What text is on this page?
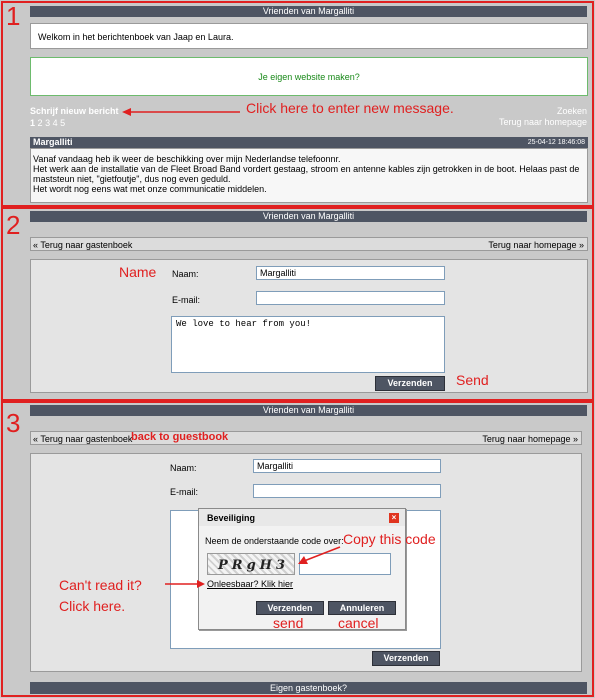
1	Vrienden van Margalliti
Welkom in het berichtenboek van Jaap en Laura.
Je eigen website maken?
Schrijf nieuw bericht
1 2 3 4 5
Zoeken
Terug naar homepage
Click here to enter new message.
Margalliti	25-04-12 18:46:08
Vanaf vandaag heb ik weer de beschikking over mijn Nederlandse telefoonnr.
Het werk aan de installatie van de Fleet Broad Band vordert gestaag, stroom en antenne kables zijn getrokken in de boot. Helaas past de maststeun niet, "gietfoutje", dus nog even geduld.
Het wordt nog eens wat met onze communicatie middelen.
2	Vrienden van Margalliti
« Terug naar gastenboek	Terug naar homepage »
Name Naam:	Margalliti
E-mail:
We love to hear from you!
Verzenden	Send
3	Vrienden van Margalliti
« Terug naar gastenboek	Terug naar homepage »
back to guestbook
Naam:	Margalliti
E-mail:
Verzenden
Beveiliging	×
Neem de onderstaande code over:
PRgH3
Onleesbaar? Klik hier
Verzenden	Annuleren
Copy this code
Can't read it?
Click here.
send cancel
Eigen gastenboek?
